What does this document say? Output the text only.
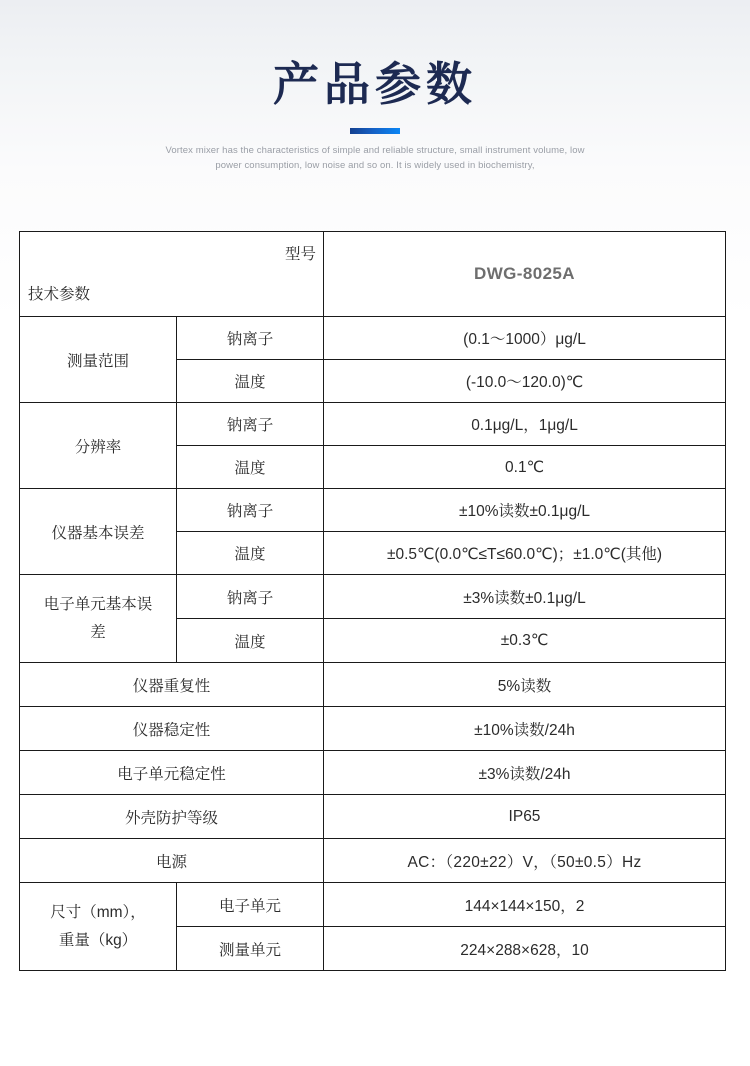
产品参数

Vortex mixer has the characteristics of simple and reliable structure, small instrument volume, low power consumption, low noise and so on. It is widely used in biochemistry,

型号
技术参数		DWG-8025A
测量范围	钠离子	(0.1～1000）μg/L
	温度	(-10.0～120.0)℃
分辨率	钠离子	0.1μg/L，1μg/L
	温度	0.1℃
仪器基本误差	钠离子	±10%读数±0.1μg/L
	温度	±0.5℃(0.0℃≤T≤60.0℃)；±1.0℃(其他)

电子单元基本误
差	钠离子	±3%读数±0.1μg/L
	温度	±0.3℃
仪器重复性		5%读数
仪器稳定性		±10%读数/24h
电子单元稳定性		±3%读数/24h
外壳防护等级		IP65
电源		AC：（220±22）V，（50±0.5）Hz

尺寸（mm），
重量（kg）	电子单元	144×144×150，2
	测量单元	224×288×628，10
